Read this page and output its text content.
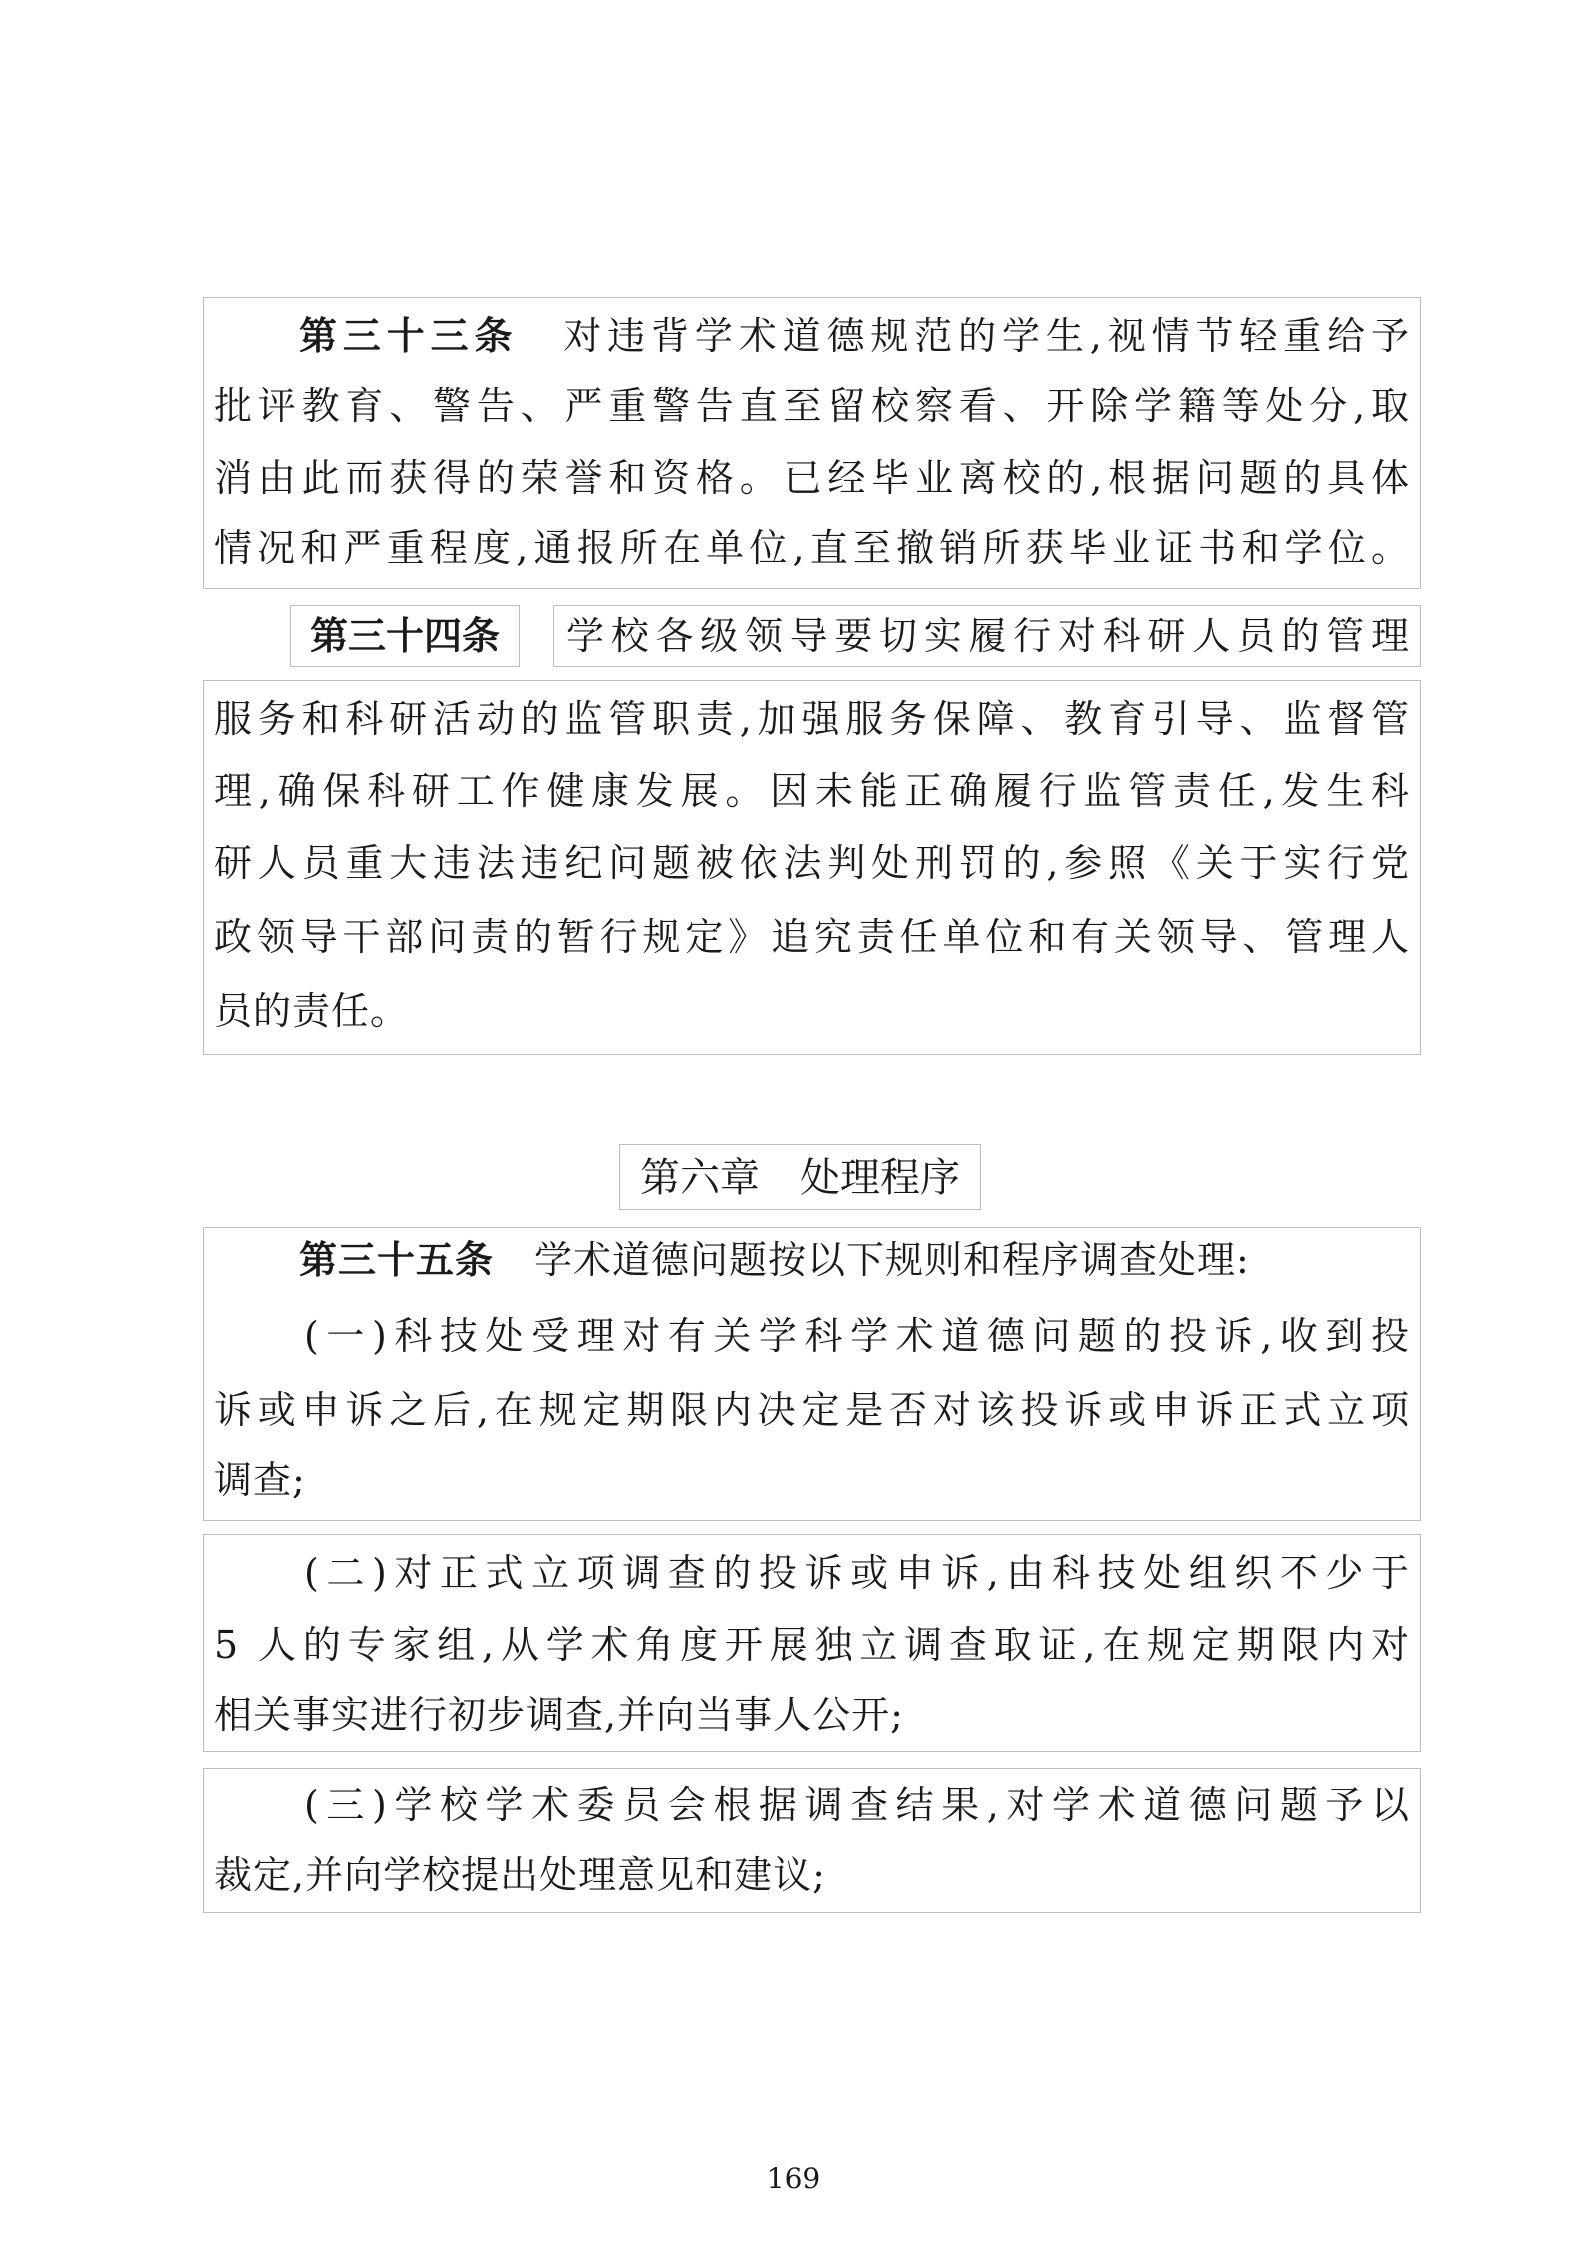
第三十三条 对违背学术道德规范的学生,视情节轻重给予
批评教育、警告、严重警告直至留校察看、开除学籍等处分,取
消由此而获得的荣誉和资格。已经毕业离校的,根据问题的具体
情况和严重程度,通报所在单位,直至撤销所获毕业证书和学位。
第三十四条	学校各级领导要切实履行对科研人员的管理
服务和科研活动的监管职责,加强服务保障、教育引导、监督管
理,确保科研工作健康发展。因未能正确履行监管责任,发生科
研人员重大违法违纪问题被依法判处刑罚的,参照《关于实行党
政领导干部问责的暂行规定》追究责任单位和有关领导、管理人
员的责任。
第六章　处理程序
第三十五条 学术道德问题按以下规则和程序调查处理:
(一)科技处受理对有关学科学术道德问题的投诉,收到投
诉或申诉之后,在规定期限内决定是否对该投诉或申诉正式立项
调查;
(二)对正式立项调查的投诉或申诉,由科技处组织不少于
5 人的专家组,从学术角度开展独立调查取证,在规定期限内对
相关事实进行初步调查,并向当事人公开;
(三)学校学术委员会根据调查结果,对学术道德问题予以
裁定,并向学校提出处理意见和建议;
169
